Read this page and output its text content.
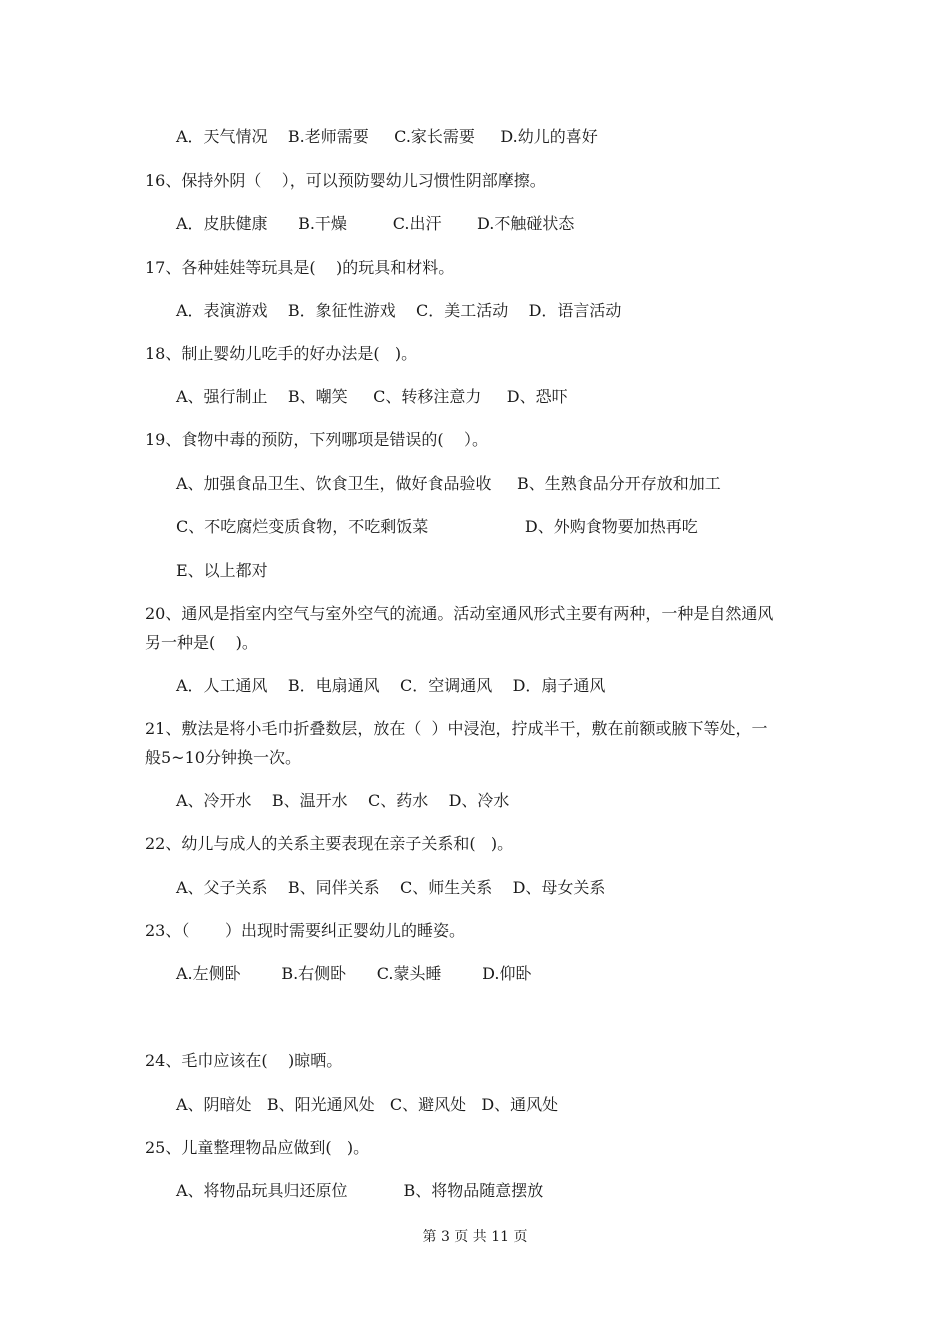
A．天气情况    B.老师需要     C.家长需要     D.幼儿的喜好
16、保持外阴（    ），可以预防婴幼儿习惯性阴部摩擦。
A．皮肤健康      B.干燥         C.出汗       D.不触碰状态
17、各种娃娃等玩具是(    )的玩具和材料。
A．表演游戏    B．象征性游戏    C．美工活动    D．语言活动
18、制止婴幼儿吃手的好办法是(   )。
A、强行制止    B、嘲笑     C、转移注意力     D、恐吓
19、食物中毒的预防，下列哪项是错误的(    ）。
A、加强食品卫生、饮食卫生，做好食品验收     B、生熟食品分开存放和加工
C、不吃腐烂变质食物，不吃剩饭菜                   D、外购食物要加热再吃
E、以上都对
20、通风是指室内空气与室外空气的流通。活动室通风形式主要有两种，一种是自然通风
另一种是(    )。
A．人工通风    B．电扇通风    C．空调通风    D．扇子通风
21、敷法是将小毛巾折叠数层，放在（  ）中浸泡，拧成半干，敷在前额或腋下等处，一
般5~10分钟换一次。
A、冷开水    B、温开水    C、药水    D、冷水
22、幼儿与成人的关系主要表现在亲子关系和(   )。
A、父子关系    B、同伴关系    C、师生关系    D、母女关系
23、（       ）出现时需要纠正婴幼儿的睡姿。
A.左侧卧        B.右侧卧      C.蒙头睡        D.仰卧
24、毛巾应该在(    )晾晒。
A、阴暗处   B、阳光通风处   C、避风处   D、通风处
25、儿童整理物品应做到(   )。
A、将物品玩具归还原位           B、将物品随意摆放
第 3 页 共 11 页
